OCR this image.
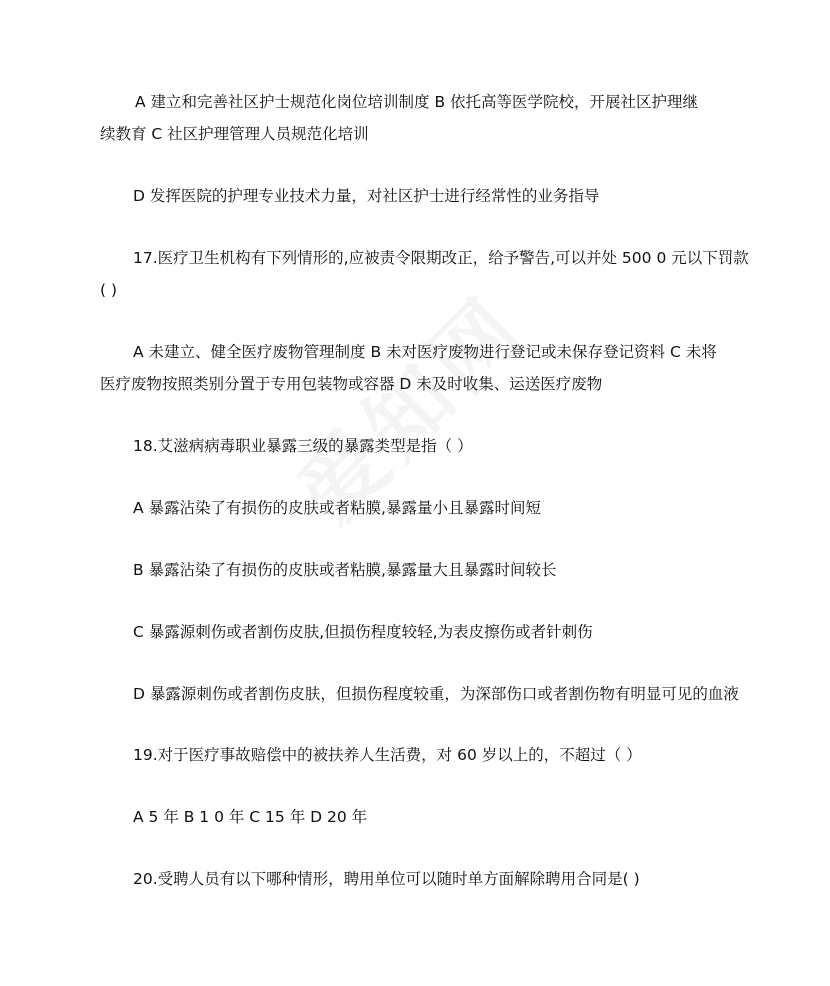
A 建立和完善社区护士规范化岗位培训制度 B 依托高等医学院校，开展社区护理继
续教育 C 社区护理管理人员规范化培训
D 发挥医院的护理专业技术力量，对社区护士进行经常性的业务指导
17.医疗卫生机构有下列情形的,应被责令限期改正，给予警告,可以并处 500 0 元以下罚款
( )
A 未建立、健全医疗废物管理制度 B 未对医疗废物进行登记或未保存登记资料 C 未将
医疗废物按照类别分置于专用包装物或容器 D 未及时收集、运送医疗废物
18.艾滋病病毒职业暴露三级的暴露类型是指（ ）
A 暴露沾染了有损伤的皮肤或者粘膜,暴露量小且暴露时间短
B 暴露沾染了有损伤的皮肤或者粘膜,暴露量大且暴露时间较长
C 暴露源刺伤或者割伤皮肤,但损伤程度较轻,为表皮擦伤或者针刺伤
D 暴露源刺伤或者割伤皮肤，但损伤程度较重，为深部伤口或者割伤物有明显可见的血液
19.对于医疗事故赔偿中的被扶养人生活费，对 60 岁以上的，不超过（ ）
A 5 年 B 1 0 年 C 15 年 D 20 年
20.受聘人员有以下哪种情形，聘用单位可以随时单方面解除聘用合同是( )
